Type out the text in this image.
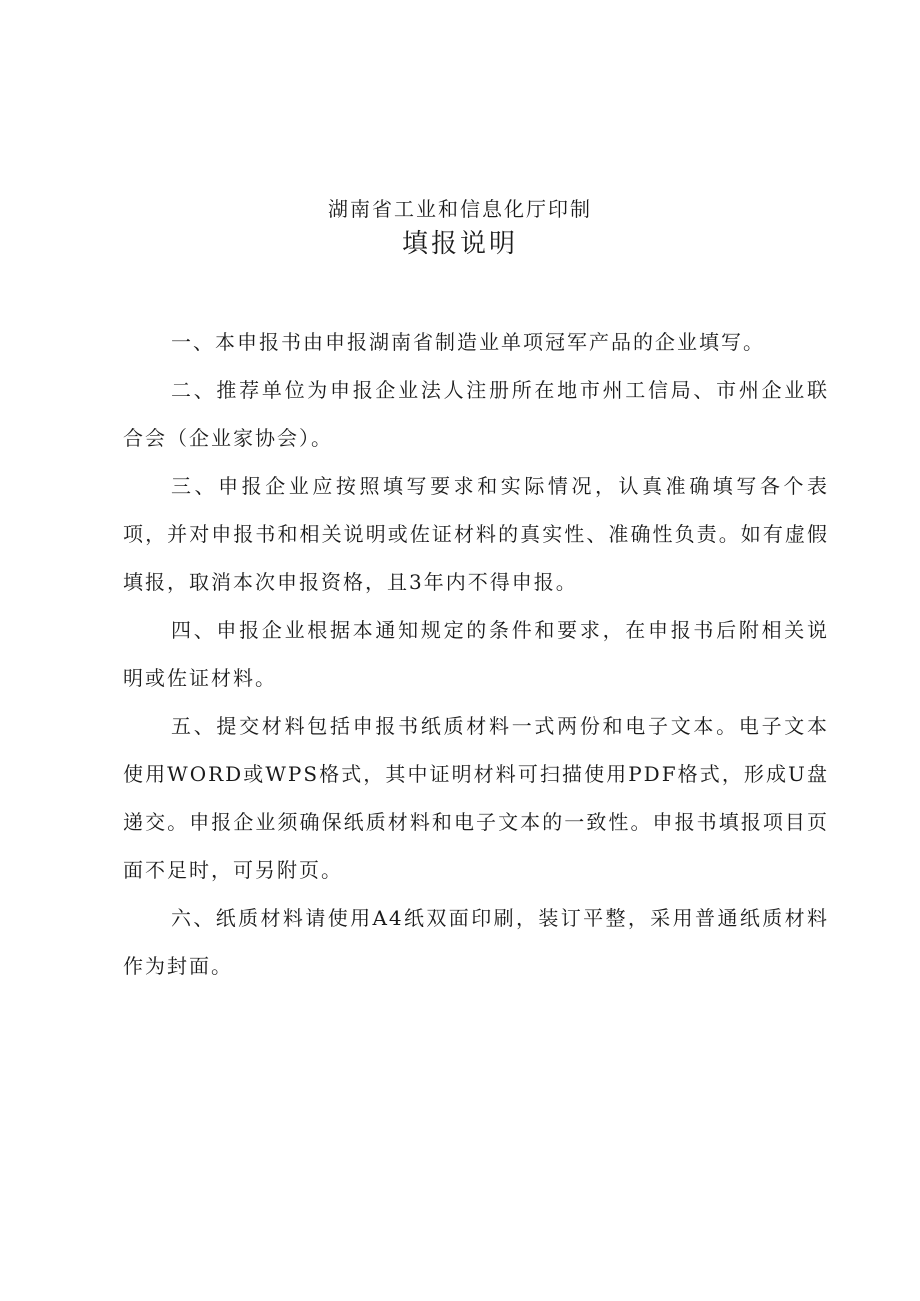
湖南省工业和信息化厅印制
填报说明

一、本申报书由申报湖南省制造业单项冠军产品的企业填写。

二、推荐单位为申报企业法人注册所在地市州工信局、市州企业联合会（企业家协会）。

三、申报企业应按照填写要求和实际情况，认真准确填写各个表项，并对申报书和相关说明或佐证材料的真实性、准确性负责。如有虚假填报，取消本次申报资格，且3年内不得申报。

四、申报企业根据本通知规定的条件和要求，在申报书后附相关说明或佐证材料。

五、提交材料包括申报书纸质材料一式两份和电子文本。电子文本使用WORD或WPS格式，其中证明材料可扫描使用PDF格式，形成U盘递交。申报企业须确保纸质材料和电子文本的一致性。申报书填报项目页面不足时，可另附页。

六、纸质材料请使用A4纸双面印刷，装订平整，采用普通纸质材料作为封面。
